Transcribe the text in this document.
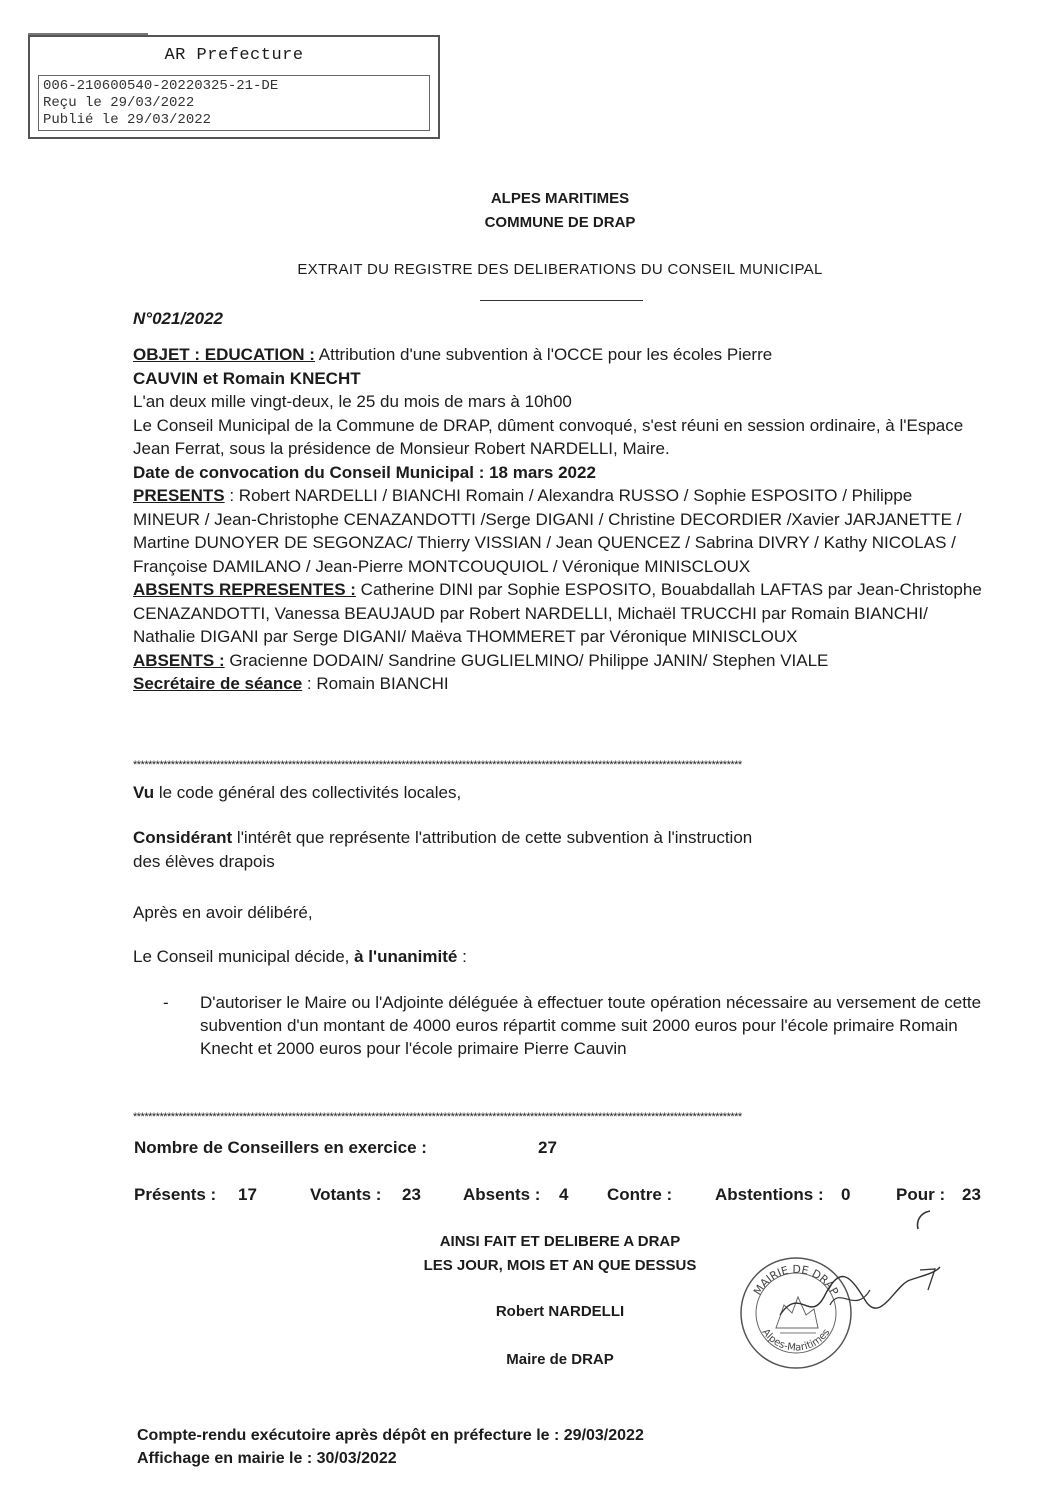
AR Prefecture
006-210600540-20220325-21-DE
Reçu le 29/03/2022
Publié le 29/03/2022
ALPES MARITIMES
COMMUNE DE DRAP
EXTRAIT DU REGISTRE DES DELIBERATIONS DU CONSEIL MUNICIPAL
N°021/2022
OBJET : EDUCATION : Attribution d'une subvention à l'OCCE pour les écoles Pierre
CAUVIN et Romain KNECHT
L'an deux mille vingt-deux, le 25 du mois de mars à 10h00
Le Conseil Municipal de la Commune de DRAP, dûment convoqué, s'est réuni en session ordinaire, à l'Espace Jean Ferrat, sous la présidence de Monsieur Robert NARDELLI, Maire.
Date de convocation du Conseil Municipal : 18 mars 2022
PRESENTS : Robert NARDELLI / BIANCHI Romain / Alexandra RUSSO / Sophie ESPOSITO / Philippe MINEUR / Jean-Christophe CENAZANDOTTI /Serge DIGANI / Christine DECORDIER /Xavier JARJANETTE / Martine DUNOYER DE SEGONZAC/ Thierry VISSIAN / Jean QUENCEZ / Sabrina DIVRY / Kathy NICOLAS / Françoise DAMILANO / Jean-Pierre MONTCOUQUIOL / Véronique MINISCLOUX
ABSENTS REPRESENTES : Catherine DINI par Sophie ESPOSITO, Bouabdallah LAFTAS par Jean-Christophe CENAZANDOTTI, Vanessa BEAUJAUD par Robert NARDELLI, Michaël TRUCCHI par Romain BIANCHI/ Nathalie DIGANI par Serge DIGANI/ Maëva THOMMERET par Véronique MINISCLOUX
ABSENTS : Gracienne DODAIN/ Sandrine GUGLIELMINO/ Philippe JANIN/ Stephen VIALE
Secrétaire de séance : Romain BIANCHI
*****************************************************************************************************************************************************************
Vu le code général des collectivités locales,
Considérant l'intérêt que représente l'attribution de cette subvention à l'instruction
des élèves drapois
Après en avoir délibéré,
Le Conseil municipal décide, à l'unanimité :
-	D'autoriser le Maire ou l'Adjointe déléguée à effectuer toute opération nécessaire au versement de cette subvention d'un montant de 4000 euros répartit comme suit 2000 euros pour l'école primaire Romain Knecht et 2000 euros pour l'école primaire Pierre Cauvin
*****************************************************************************************************************************************************************
Nombre de Conseillers en exercice :	27
Présents : 17	Votants : 23 Absents : 4 Contre :	Abstentions : 0	Pour : 23
AINSI FAIT ET DELIBERE A DRAP
LES JOUR, MOIS ET AN QUE DESSUS
Robert NARDELLI
Maire de DRAP
MAIRIE DE DRAP
Alpes-Maritimes
Compte-rendu exécutoire après dépôt en préfecture le : 29/03/2022
Affichage en mairie le : 30/03/2022
